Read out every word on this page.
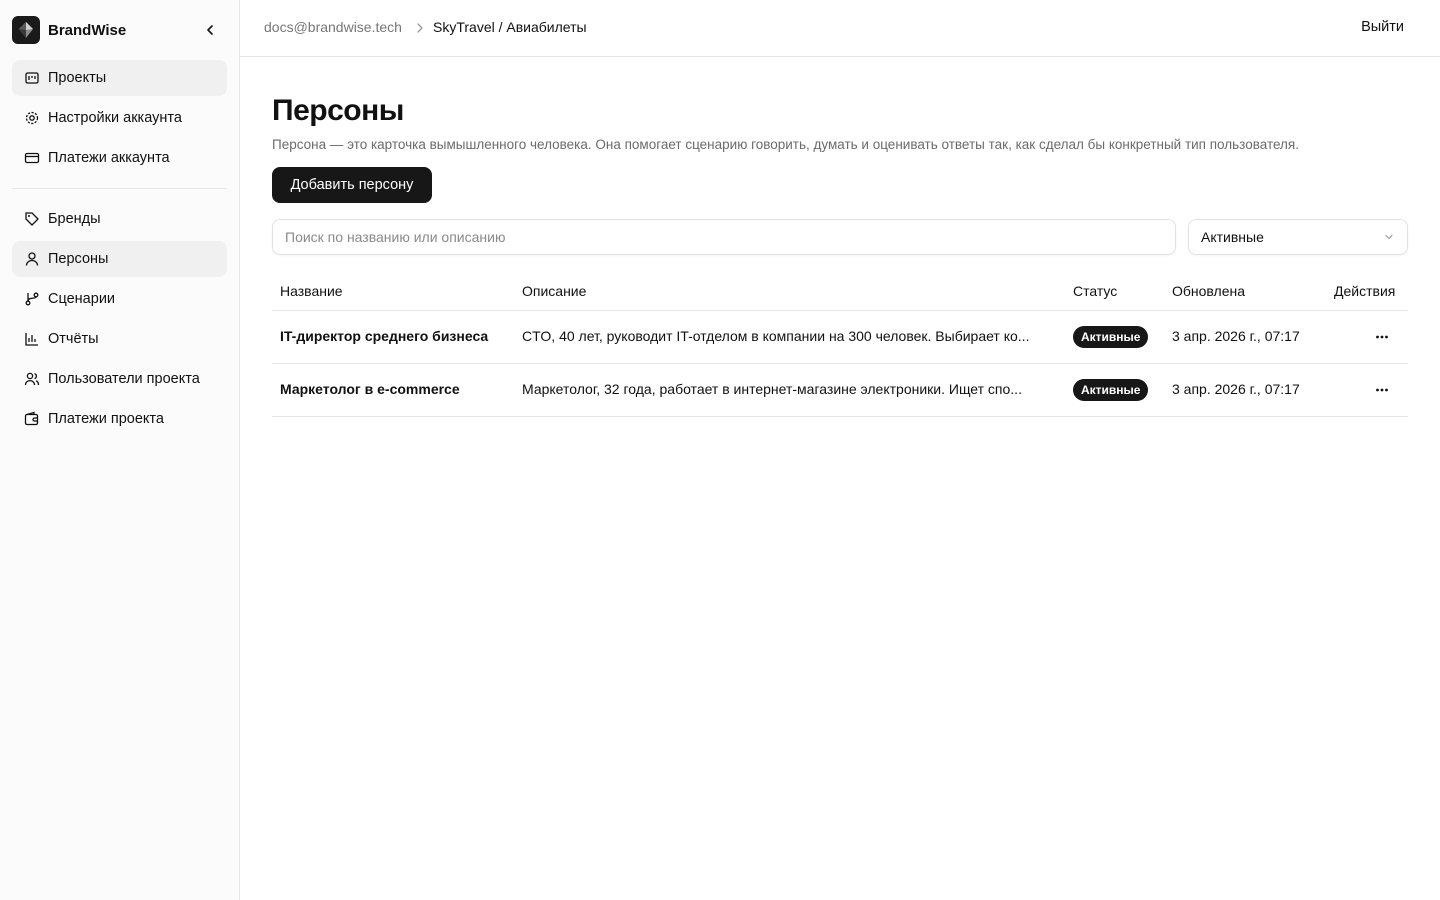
BrandWise
Проекты
Настройки аккаунта
Платежи аккаунта
Бренды
Персоны
Сценарии
Отчёты
Пользователи проекта
Платежи проекта
docs@brandwise.tech SkyTravel / Авиабилеты	Выйти
Персоны

Персона — это карточка вымышленного человека. Она помогает сценарию говорить, думать и оценивать ответы так, как сделал бы конкретный тип пользователя.

Добавить персону
Поиск по названию или описанию
Активные
Название	Описание	Статус	Обновлена	Действия
IT-директор среднего бизнеса	CTO, 40 лет, руководит IT-отделом в компании на 300 человек. Выбирает ко...	Активные	3 апр. 2026 г., 07:17
Маркетолог в e-commerce	Маркетолог, 32 года, работает в интернет-магазине электроники. Ищет спо...	Активные	3 апр. 2026 г., 07:17
